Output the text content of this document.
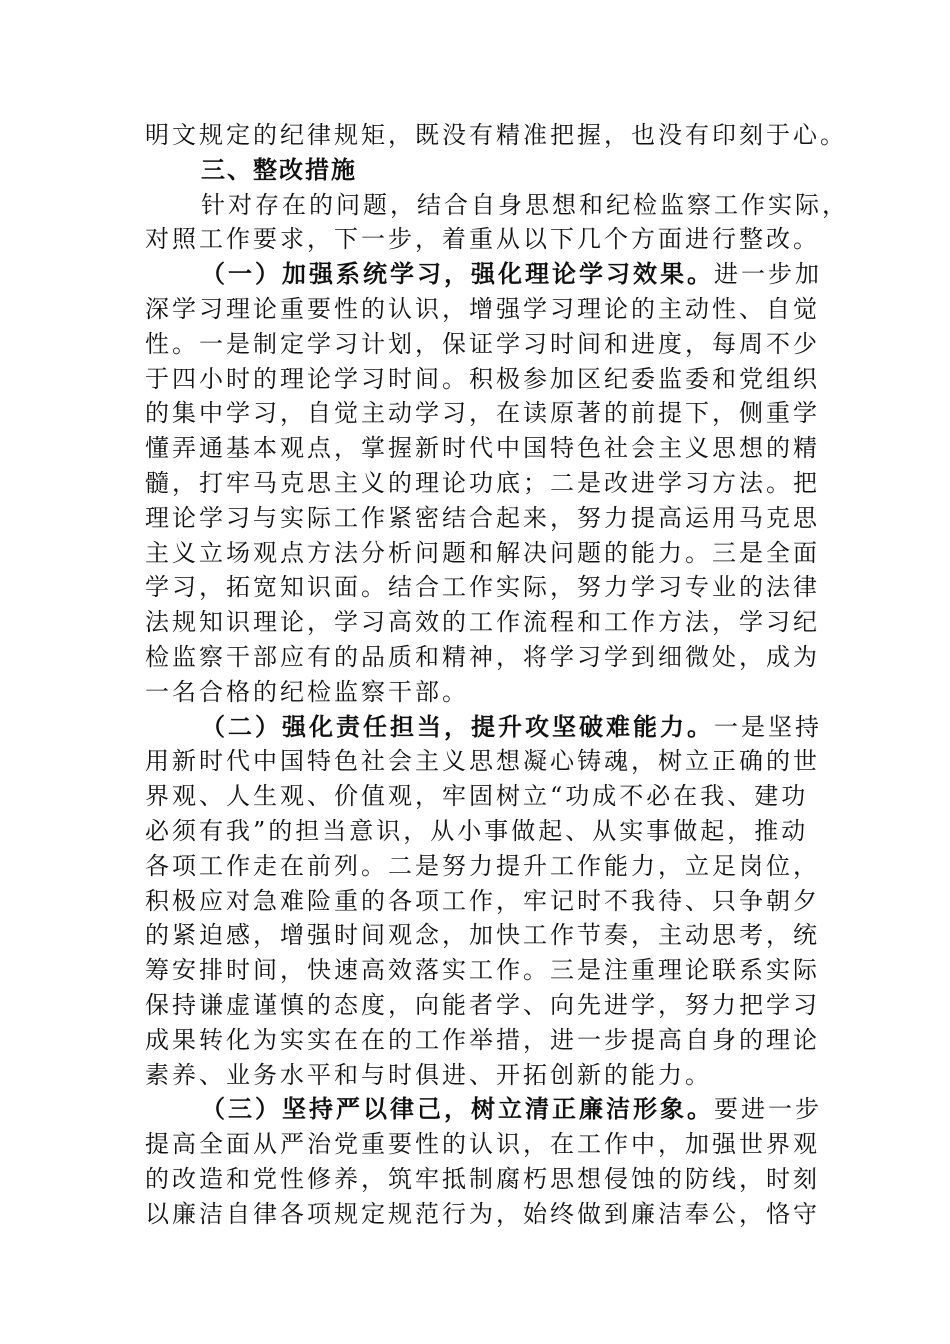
明文规定的纪律规矩，既没有精准把握，也没有印刻于心。
三、整改措施
针对存在的问题，结合自身思想和纪检监察工作实际，
对照工作要求，下一步，着重从以下几个方面进行整改。
（一）加强系统学习，强化理论学习效果。进一步加
深学习理论重要性的认识，增强学习理论的主动性、自觉
性。一是制定学习计划，保证学习时间和进度，每周不少
于四小时的理论学习时间。积极参加区纪委监委和党组织
的集中学习，自觉主动学习，在读原著的前提下，侧重学
懂弄通基本观点，掌握新时代中国特色社会主义思想的精
髓，打牢马克思主义的理论功底；二是改进学习方法。把
理论学习与实际工作紧密结合起来，努力提高运用马克思
主义立场观点方法分析问题和解决问题的能力。三是全面
学习，拓宽知识面。结合工作实际，努力学习专业的法律
法规知识理论，学习高效的工作流程和工作方法，学习纪
检监察干部应有的品质和精神，将学习学到细微处，成为
一名合格的纪检监察干部。
（二）强化责任担当，提升攻坚破难能力。一是坚持
用新时代中国特色社会主义思想凝心铸魂，树立正确的世
界观、人生观、价值观，牢固树立“功成不必在我、建功
必须有我”的担当意识，从小事做起、从实事做起，推动
各项工作走在前列。二是努力提升工作能力，立足岗位，
积极应对急难险重的各项工作，牢记时不我待、只争朝夕
的紧迫感，增强时间观念，加快工作节奏，主动思考，统
筹安排时间，快速高效落实工作。三是注重理论联系实际
保持谦虚谨慎的态度，向能者学、向先进学，努力把学习
成果转化为实实在在的工作举措，进一步提高自身的理论
素养、业务水平和与时俱进、开拓创新的能力。
（三）坚持严以律己，树立清正廉洁形象。要进一步
提高全面从严治党重要性的认识，在工作中，加强世界观
的改造和党性修养，筑牢抵制腐朽思想侵蚀的防线，时刻
以廉洁自律各项规定规范行为，始终做到廉洁奉公，恪守
